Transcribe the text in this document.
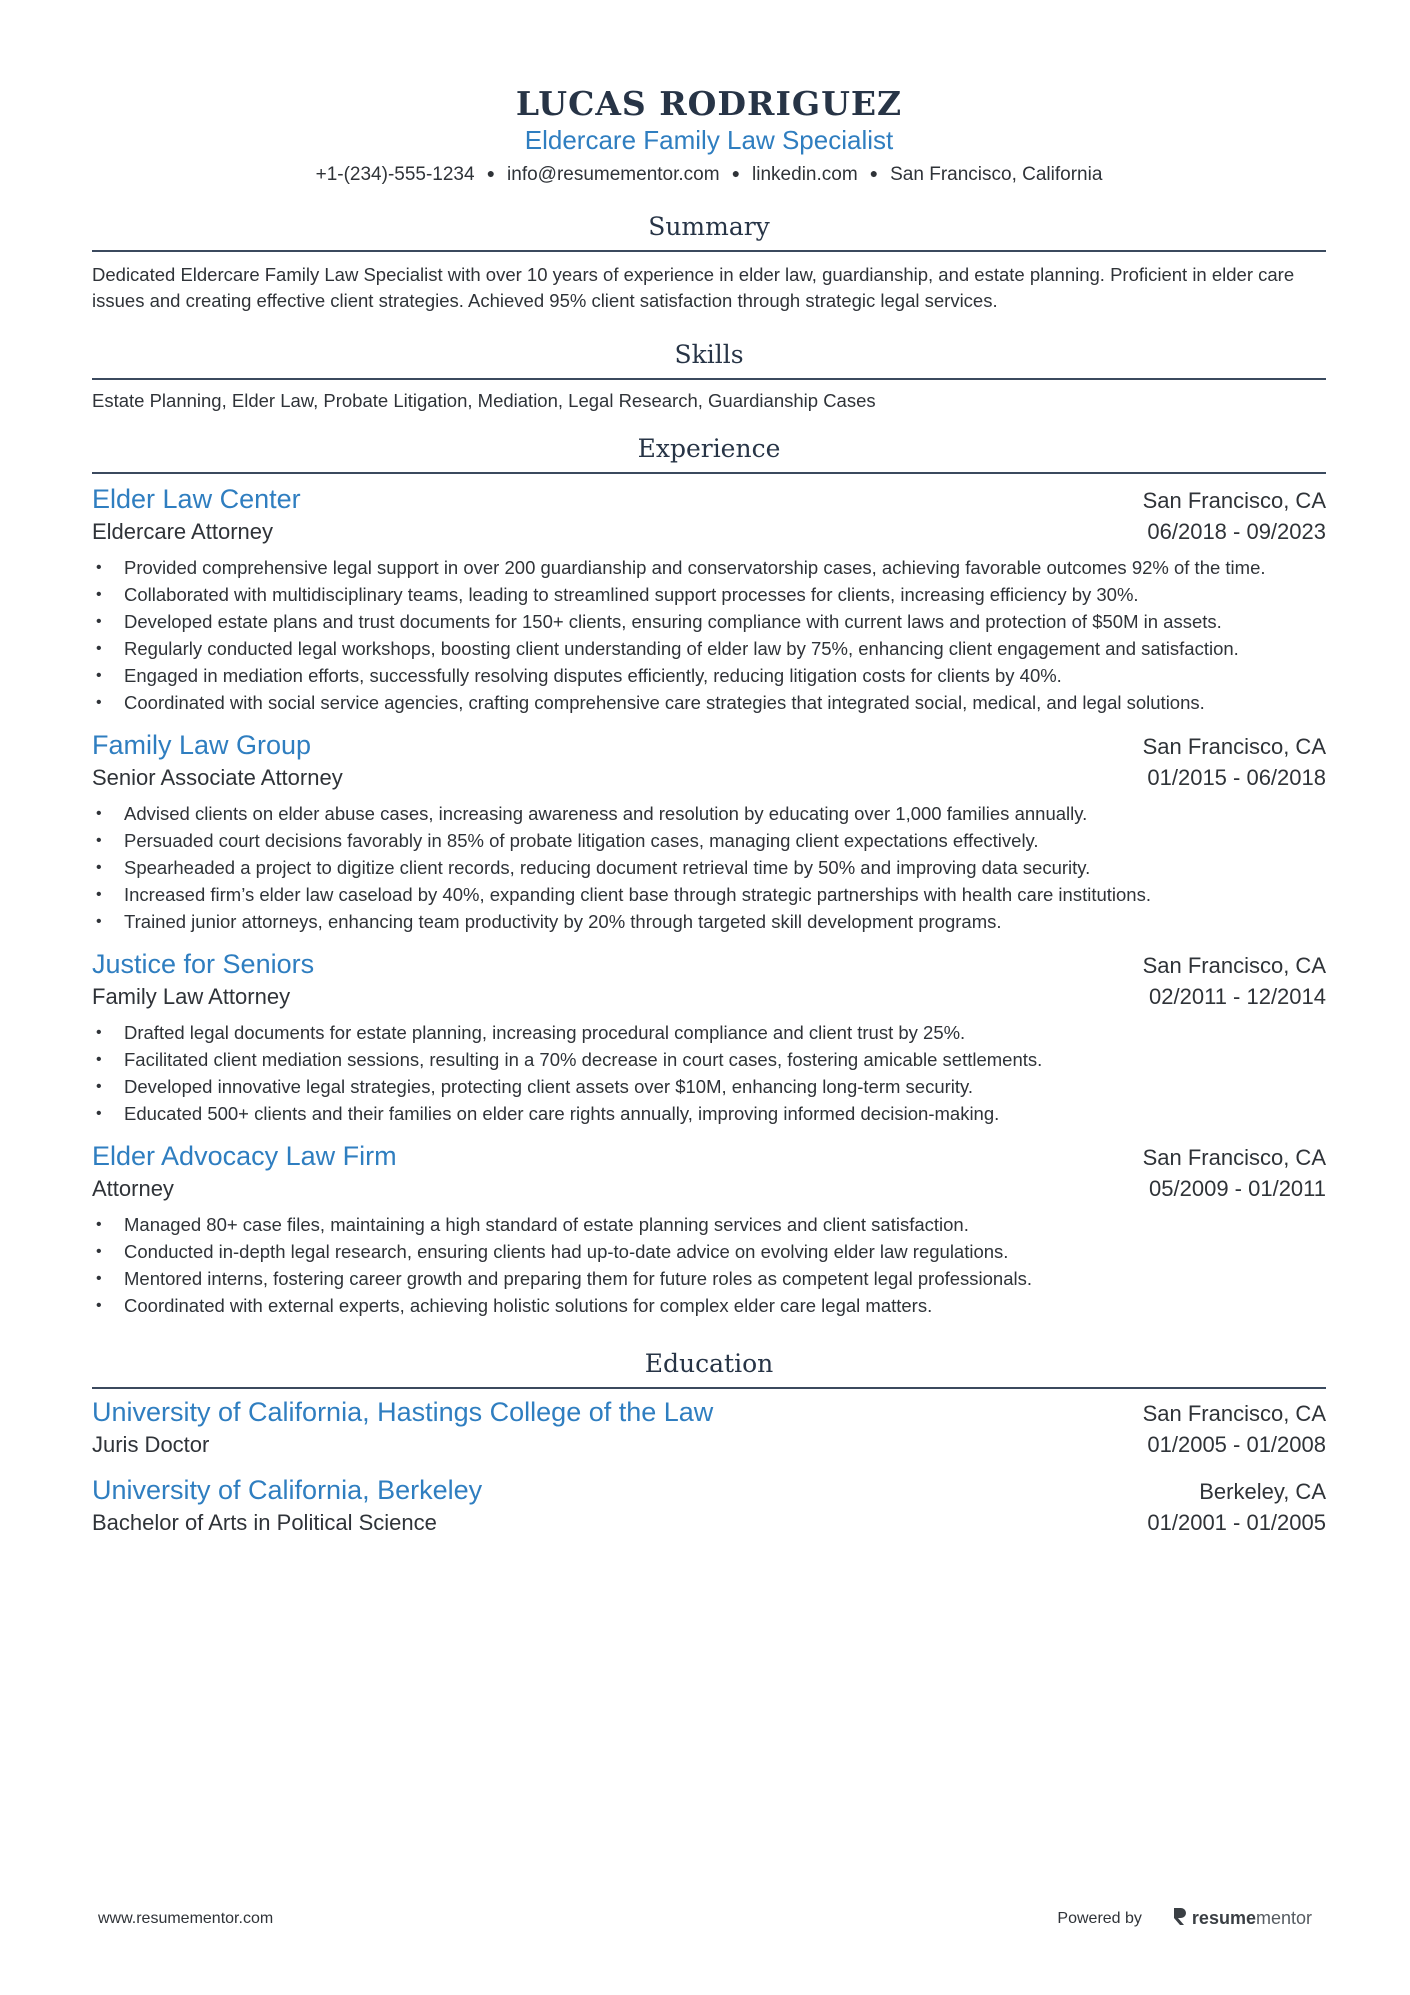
LUCAS RODRIGUEZ
Eldercare Family Law Specialist
+1-(234)-555-1234 ● info@resumementor.com ● linkedin.com ● San Francisco, California
Summary
Dedicated Eldercare Family Law Specialist with over 10 years of experience in elder law, guardianship, and estate planning. Proficient in elder care issues and creating effective client strategies. Achieved 95% client satisfaction through strategic legal services.
Skills
Estate Planning, Elder Law, Probate Litigation, Mediation, Legal Research, Guardianship Cases
Experience
Elder Law Center	San Francisco, CA
Eldercare Attorney	06/2018 - 09/2023
• Provided comprehensive legal support in over 200 guardianship and conservatorship cases, achieving favorable outcomes 92% of the time.
• Collaborated with multidisciplinary teams, leading to streamlined support processes for clients, increasing efficiency by 30%.
• Developed estate plans and trust documents for 150+ clients, ensuring compliance with current laws and protection of $50M in assets.
• Regularly conducted legal workshops, boosting client understanding of elder law by 75%, enhancing client engagement and satisfaction.
• Engaged in mediation efforts, successfully resolving disputes efficiently, reducing litigation costs for clients by 40%.
• Coordinated with social service agencies, crafting comprehensive care strategies that integrated social, medical, and legal solutions.
Family Law Group	San Francisco, CA
Senior Associate Attorney	01/2015 - 06/2018
• Advised clients on elder abuse cases, increasing awareness and resolution by educating over 1,000 families annually.
• Persuaded court decisions favorably in 85% of probate litigation cases, managing client expectations effectively.
• Spearheaded a project to digitize client records, reducing document retrieval time by 50% and improving data security.
• Increased firm’s elder law caseload by 40%, expanding client base through strategic partnerships with health care institutions.
• Trained junior attorneys, enhancing team productivity by 20% through targeted skill development programs.
Justice for Seniors	San Francisco, CA
Family Law Attorney	02/2011 - 12/2014
• Drafted legal documents for estate planning, increasing procedural compliance and client trust by 25%.
• Facilitated client mediation sessions, resulting in a 70% decrease in court cases, fostering amicable settlements.
• Developed innovative legal strategies, protecting client assets over $10M, enhancing long-term security.
• Educated 500+ clients and their families on elder care rights annually, improving informed decision-making.
Elder Advocacy Law Firm	San Francisco, CA
Attorney	05/2009 - 01/2011
• Managed 80+ case files, maintaining a high standard of estate planning services and client satisfaction.
• Conducted in-depth legal research, ensuring clients had up-to-date advice on evolving elder law regulations.
• Mentored interns, fostering career growth and preparing them for future roles as competent legal professionals.
• Coordinated with external experts, achieving holistic solutions for complex elder care legal matters.
Education
University of California, Hastings College of the Law	San Francisco, CA
Juris Doctor	01/2005 - 01/2008
University of California, Berkeley	Berkeley, CA
Bachelor of Arts in Political Science	01/2001 - 01/2005
www.resumementor.com	Powered by	resume mentor
